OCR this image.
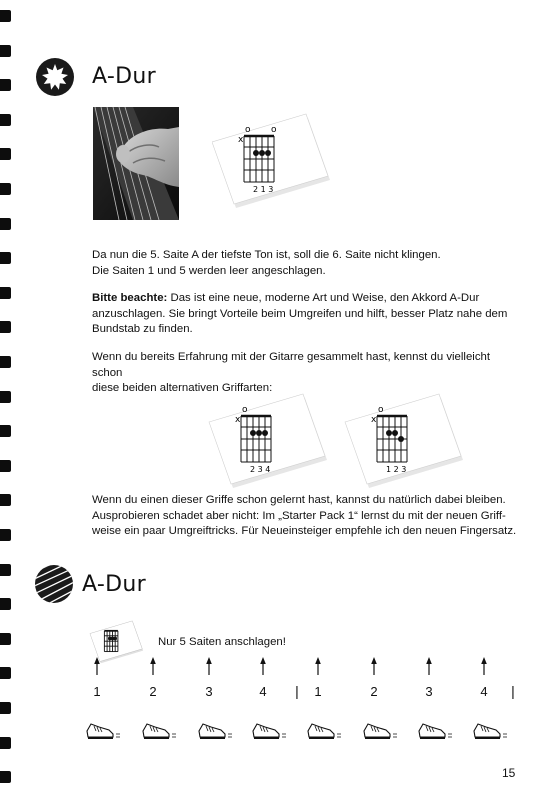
A-Dur
x
o o
2 1 3

Da nun die 5. Saite A der tiefste Ton ist, soll die 6. Saite nicht klingen.

Die Saiten 1 und 5 werden leer angeschlagen.

Bitte beachte: Das ist eine neue, moderne Art und Weise, den Akkord A-Dur

anzuschlagen. Sie bringt Vorteile beim Umgreifen und hilft, besser Platz nahe dem

Bundstab zu finden.

Wenn du bereits Erfahrung mit der Gitarre gesammelt hast, kennst du vielleicht schon

diese beiden alternativen Griffarten:

x
o
2 3 4
x
o
1 2 3

Wenn du einen dieser Griffe schon gelernt hast, kannst du natürlich dabei bleiben.

Ausprobieren schadet aber nicht: Im „Starter Pack 1“ lernst du mit der neuen Griff-

weise ein paar Umgreiftricks. Für Neueinsteiger empfehle ich den neuen Fingersatz.

A-Dur
Nur 5 Saiten anschlagen!
1	2	3	4	1	2	3	4
|	|
15
